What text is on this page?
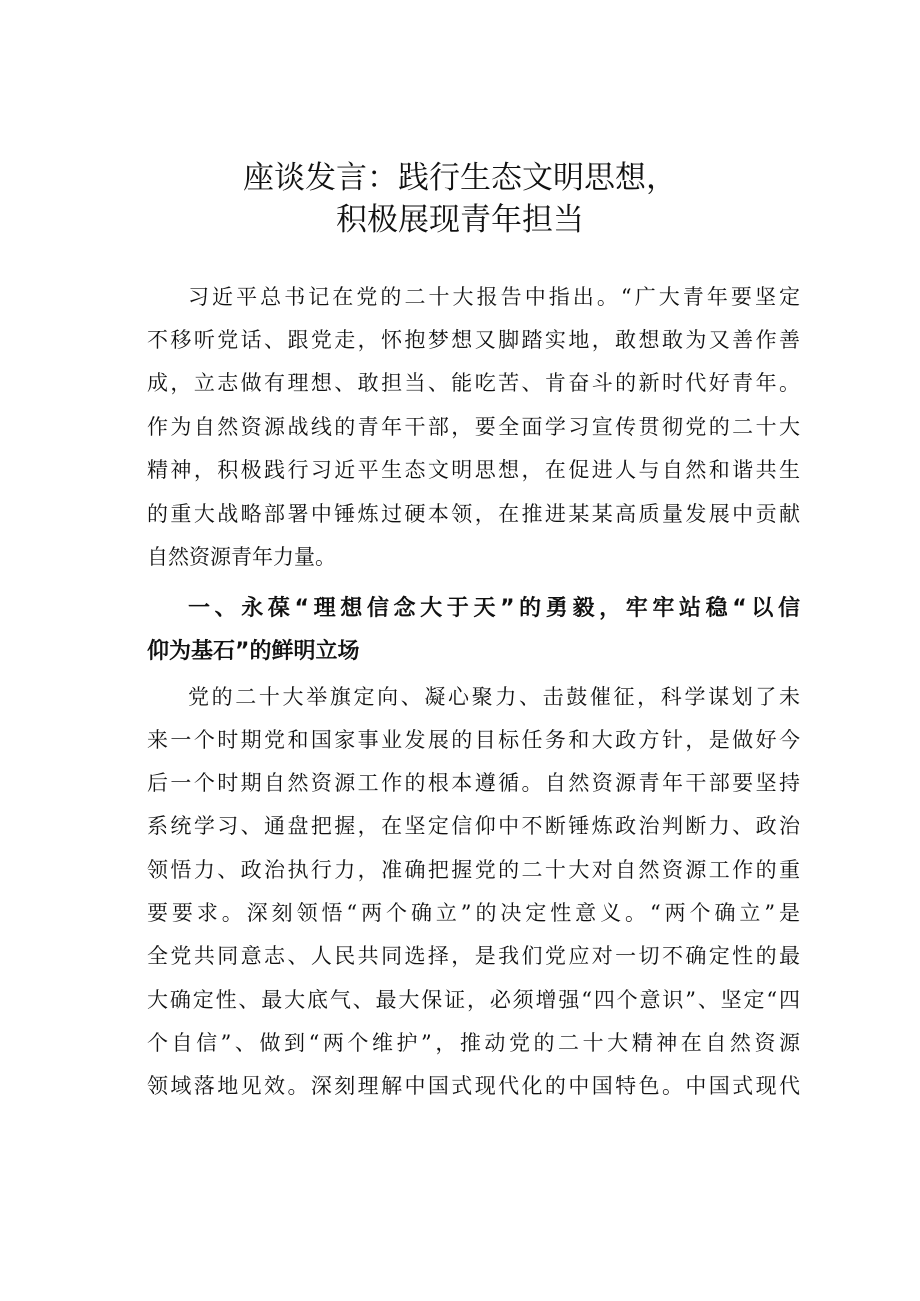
座谈发言：践行生态文明思想，
积极展现青年担当
习近平总书记在党的二十大报告中指出。“广大青年要坚定
不移听党话、跟党走，怀抱梦想又脚踏实地，敢想敢为又善作善
成，立志做有理想、敢担当、能吃苦、肯奋斗的新时代好青年。
作为自然资源战线的青年干部，要全面学习宣传贯彻党的二十大
精神，积极践行习近平生态文明思想，在促进人与自然和谐共生
的重大战略部署中锤炼过硬本领，在推进某某高质量发展中贡献
自然资源青年力量。
一、永葆“理想信念大于天”的勇毅，牢牢站稳“以信
仰为基石”的鲜明立场
党的二十大举旗定向、凝心聚力、击鼓催征，科学谋划了未
来一个时期党和国家事业发展的目标任务和大政方针，是做好今
后一个时期自然资源工作的根本遵循。自然资源青年干部要坚持
系统学习、通盘把握，在坚定信仰中不断锤炼政治判断力、政治
领悟力、政治执行力，准确把握党的二十大对自然资源工作的重
要要求。深刻领悟“两个确立”的决定性意义。“两个确立”是
全党共同意志、人民共同选择，是我们党应对一切不确定性的最
大确定性、最大底气、最大保证，必须增强“四个意识”、坚定“四
个自信”、做到“两个维护”，推动党的二十大精神在自然资源
领域落地见效。深刻理解中国式现代化的中国特色。中国式现代
